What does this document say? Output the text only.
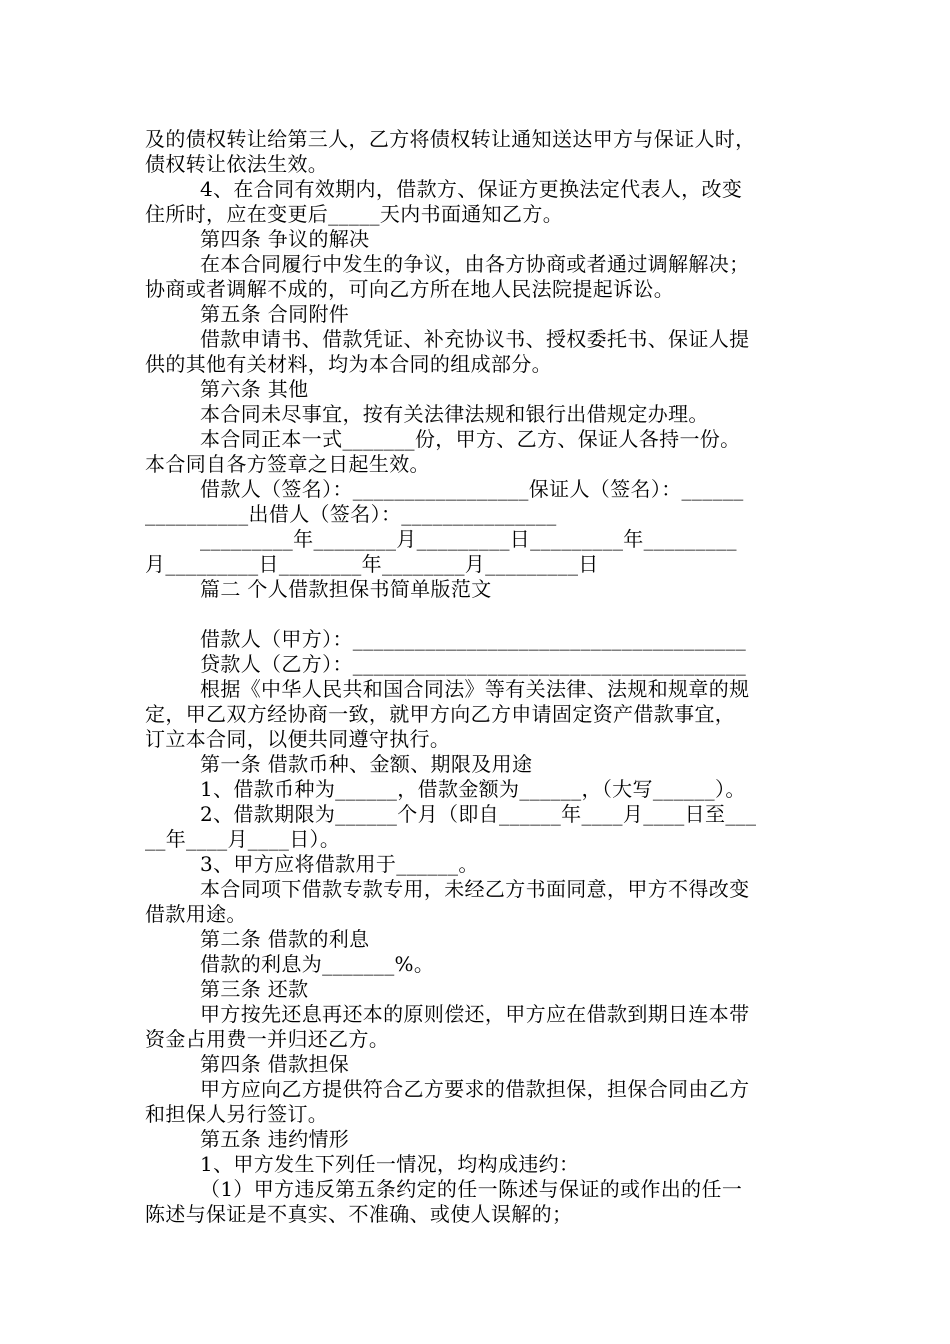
及的债权转让给第三人，乙方将债权转让通知送达甲方与保证人时，
债权转让依法生效。
4、在合同有效期内，借款方、保证方更换法定代表人，改变
住所时，应在变更后_____天内书面通知乙方。
第四条 争议的解决
在本合同履行中发生的争议，由各方协商或者通过调解解决；
协商或者调解不成的，可向乙方所在地人民法院提起诉讼。
第五条 合同附件
借款申请书、借款凭证、补充协议书、授权委托书、保证人提
供的其他有关材料，均为本合同的组成部分。
第六条 其他
本合同未尽事宜，按有关法律法规和银行出借规定办理。
本合同正本一式_______份，甲方、乙方、保证人各持一份。
本合同自各方签章之日起生效。
借款人（签名）：_________________保证人（签名）：______
__________出借人（签名）：_______________
_________年________月_________日_________年_________
月_________日________年________月_________日
篇二 个人借款担保书简单版范文
借款人（甲方）：______________________________________
贷款人（乙方）：______________________________________
根据《中华人民共和国合同法》等有关法律、法规和规章的规
定，甲乙双方经协商一致，就甲方向乙方申请固定资产借款事宜，
订立本合同，以便共同遵守执行。
第一条 借款币种、金额、期限及用途
1、借款币种为______，借款金额为______，（大写______）。
2、借款期限为______个月（即自______年____月____日至___
__年____月____日）。
3、甲方应将借款用于______。
本合同项下借款专款专用，未经乙方书面同意，甲方不得改变
借款用途。
第二条 借款的利息
借款的利息为_______%。
第三条 还款
甲方按先还息再还本的原则偿还，甲方应在借款到期日连本带
资金占用费一并归还乙方。
第四条 借款担保
甲方应向乙方提供符合乙方要求的借款担保，担保合同由乙方
和担保人另行签订。
第五条 违约情形
1、甲方发生下列任一情况，均构成违约：
（1）甲方违反第五条约定的任一陈述与保证的或作出的任一
陈述与保证是不真实、不准确、或使人误解的；
